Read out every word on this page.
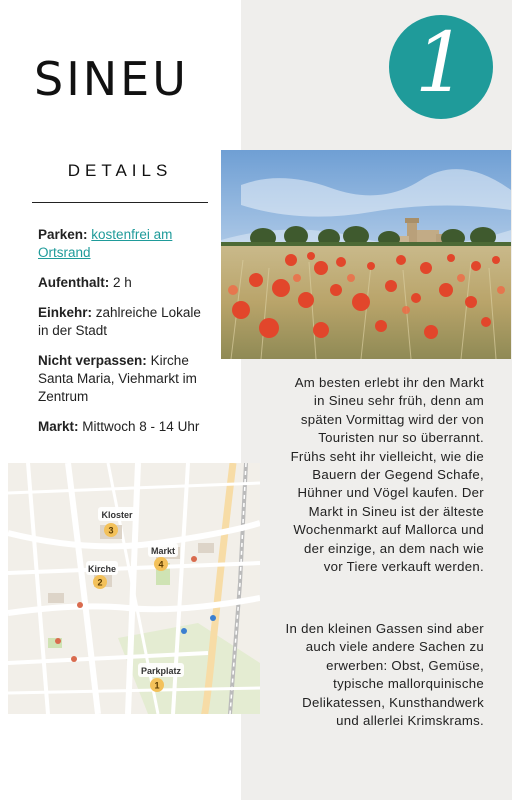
SINEU	1
DETAILS

Parken: kostenfrei am Ortsrand

Aufenthalt: 2 h

Einkehr: zahlreiche Lokale in der Stadt

Nicht verpassen: Kirche Santa Maria, Viehmarkt im Zentrum

Markt: Mittwoch 8 - 14 Uhr

Kloster
3
Markt
4
Kirche
2
Parkplatz
1

Am besten erlebt ihr den Markt in Sineu sehr früh, denn am späten Vormittag wird der von Touristen nur so überrannt. Frühs seht ihr vielleicht, wie die Bauern der Gegend Schafe, Hühner und Vögel kaufen. Der Markt in Sineu ist der älteste Wochenmarkt auf Mallorca und der einzige, an dem nach wie vor Tiere verkauft werden.

In den kleinen Gassen sind aber auch viele andere Sachen zu erwerben: Obst, Gemüse, typische mallorquinische Delikatessen, Kunsthandwerk und allerlei Krimskrams.
